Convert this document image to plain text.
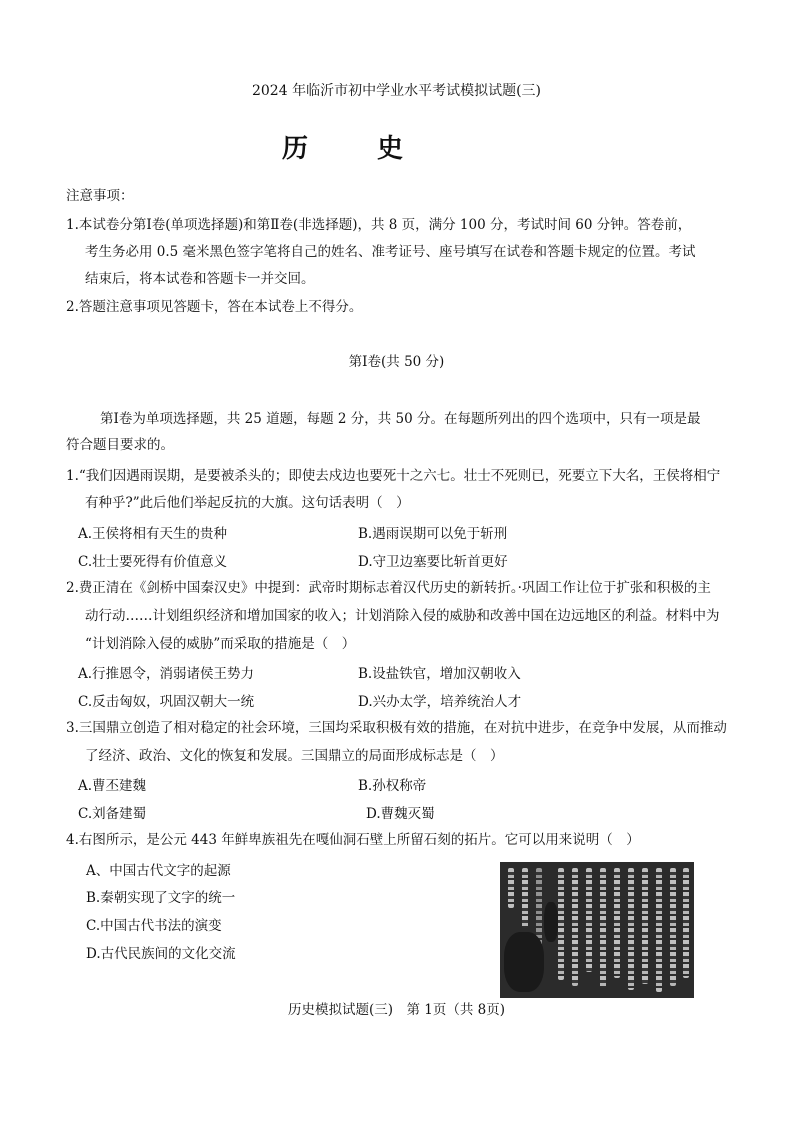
2024 年临沂市初中学业水平考试模拟试题(三)
历 史
注意事项：
1.本试卷分第Ⅰ卷(单项选择题)和第Ⅱ卷(非选择题)，共 8 页，满分 100 分，考试时间 60 分钟。答卷前，
考生务必用 0.5 毫米黑色签字笔将自己的姓名、准考证号、座号填写在试卷和答题卡规定的位置。考试
结束后，将本试卷和答题卡一并交回。
2.答题注意事项见答题卡，答在本试卷上不得分。
第Ⅰ卷(共 50 分)
第Ⅰ卷为单项选择题，共 25 道题，每题 2 分，共 50 分。在每题所列出的四个选项中，只有一项是最
符合题目要求的。
1.“我们因遇雨误期，是要被杀头的；即使去戍边也要死十之六七。壮士不死则已，死要立下大名，王侯将相宁
有种乎?”此后他们举起反抗的大旗。这句话表明（　）
A.王侯将相有天生的贵种	B.遇雨误期可以免于斩刑
C.壮士要死得有价值意义	D.守卫边塞要比斩首更好
2.费正清在《剑桥中国秦汉史》中提到：武帝时期标志着汉代历史的新转折。·巩固工作让位于扩张和积极的主
动行动……计划组织经济和增加国家的收入；计划消除入侵的威胁和改善中国在边远地区的利益。材料中为
“计划消除入侵的威胁”而采取的措施是（　）
A.行推恩令，消弱诸侯王势力	B.设盐铁官，增加汉朝收入
C.反击匈奴，巩固汉朝大一统	D.兴办太学，培养统治人才
3.三国鼎立创造了相对稳定的社会环境，三国均采取积极有效的措施，在对抗中进步，在竞争中发展，从而推动
了经济、政治、文化的恢复和发展。三国鼎立的局面形成标志是（　）
A.曹丕建魏	B.孙权称帝
C.刘备建蜀	D.曹魏灭蜀
4.右图所示，是公元 443 年鲜卑族祖先在嘎仙洞石壁上所留石刻的拓片。它可以用来说明（　）
A、中国古代文字的起源
B.秦朝实现了文字的统一
C.中国古代书法的演变
D.古代民族间的文化交流
历史模拟试题(三)　第 1页（共 8页)
